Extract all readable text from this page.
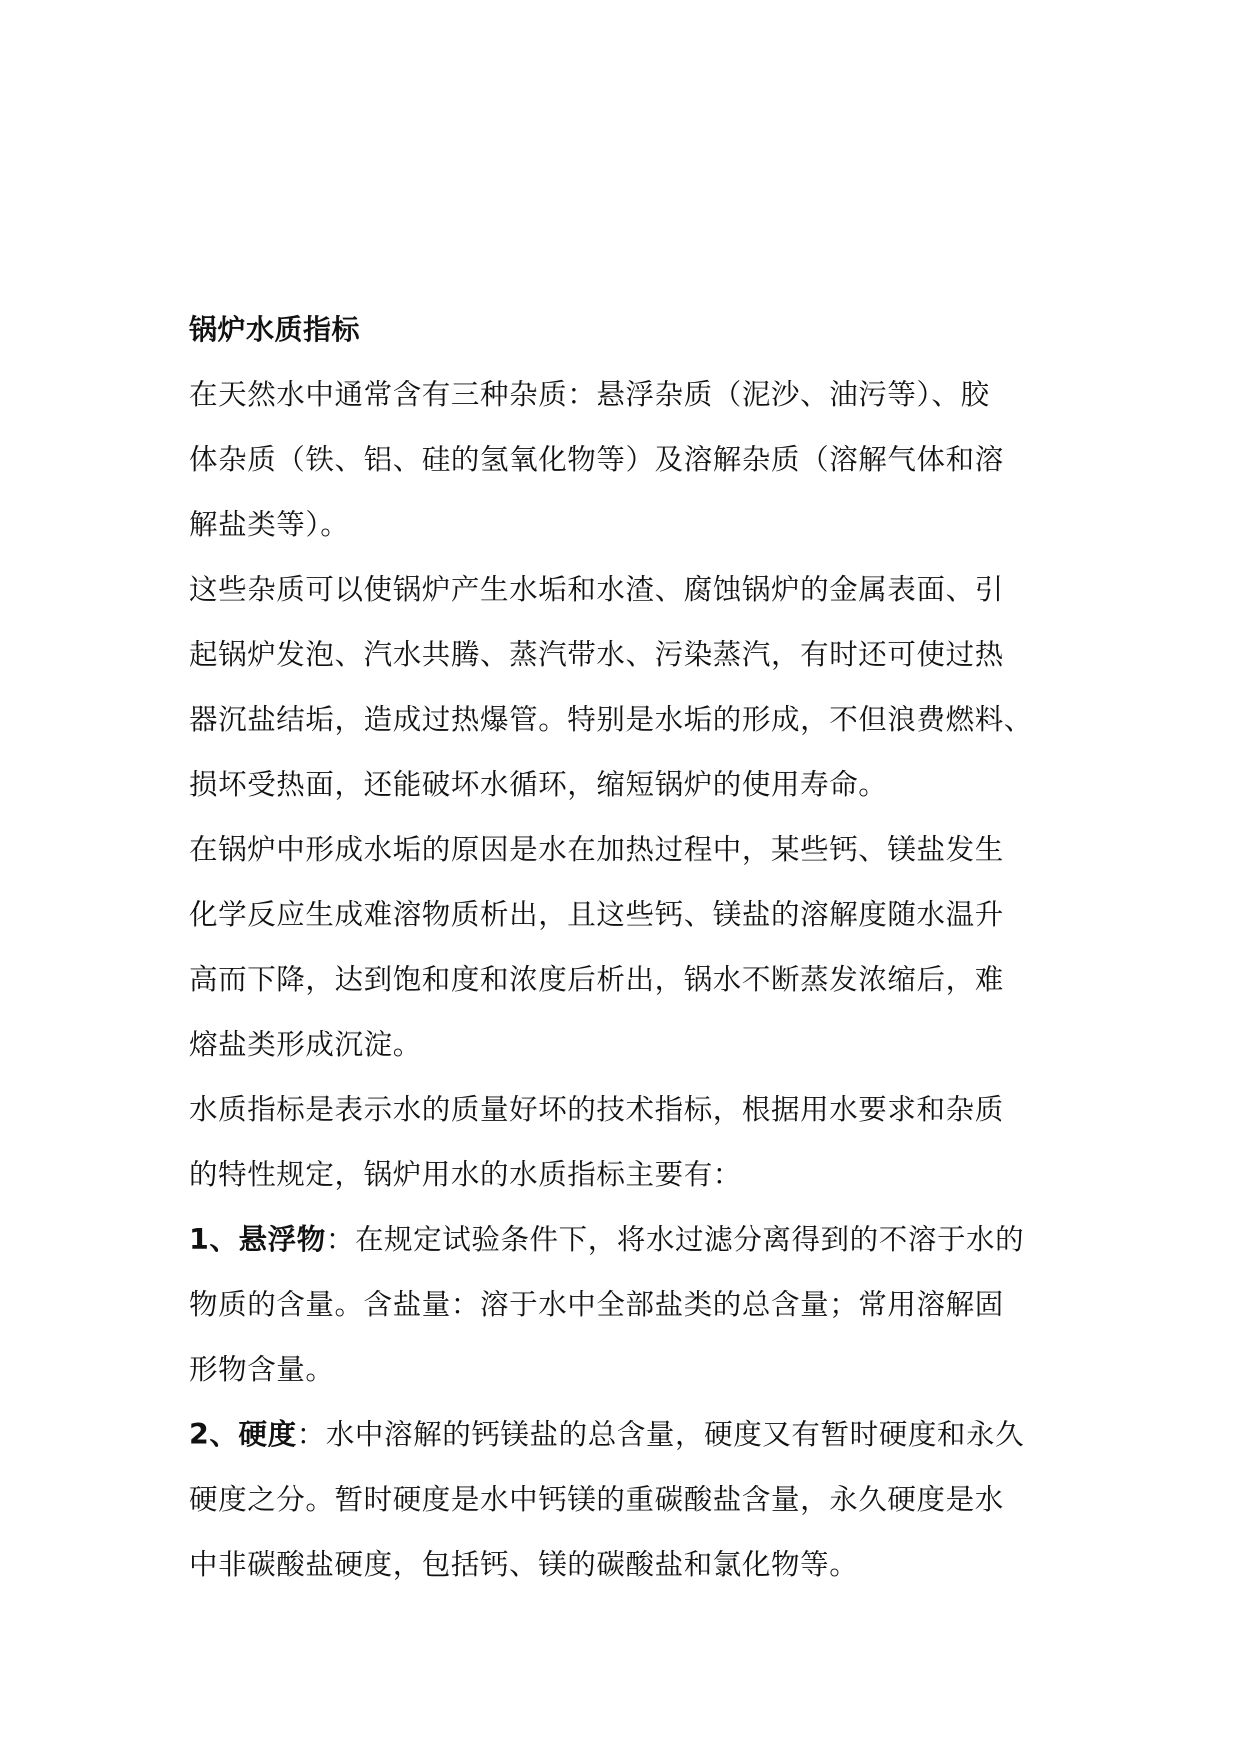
锅炉水质指标

在天然水中通常含有三种杂质：悬浮杂质（泥沙、油污等）、胶
体杂质（铁、铝、硅的氢氧化物等）及溶解杂质（溶解气体和溶
解盐类等）。

这些杂质可以使锅炉产生水垢和水渣、腐蚀锅炉的金属表面、引
起锅炉发泡、汽水共腾、蒸汽带水、污染蒸汽，有时还可使过热
器沉盐结垢，造成过热爆管。特别是水垢的形成，不但浪费燃料、
损坏受热面，还能破坏水循环，缩短锅炉的使用寿命。

在锅炉中形成水垢的原因是水在加热过程中，某些钙、镁盐发生
化学反应生成难溶物质析出，且这些钙、镁盐的溶解度随水温升
高而下降，达到饱和度和浓度后析出，锅水不断蒸发浓缩后，难
熔盐类形成沉淀。

水质指标是表示水的质量好坏的技术指标，根据用水要求和杂质
的特性规定，锅炉用水的水质指标主要有：

1、悬浮物：在规定试验条件下，将水过滤分离得到的不溶于水的
物质的含量。含盐量：溶于水中全部盐类的总含量；常用溶解固
形物含量。

2、硬度：水中溶解的钙镁盐的总含量，硬度又有暂时硬度和永久
硬度之分。暂时硬度是水中钙镁的重碳酸盐含量，永久硬度是水
中非碳酸盐硬度，包括钙、镁的碳酸盐和氯化物等。
